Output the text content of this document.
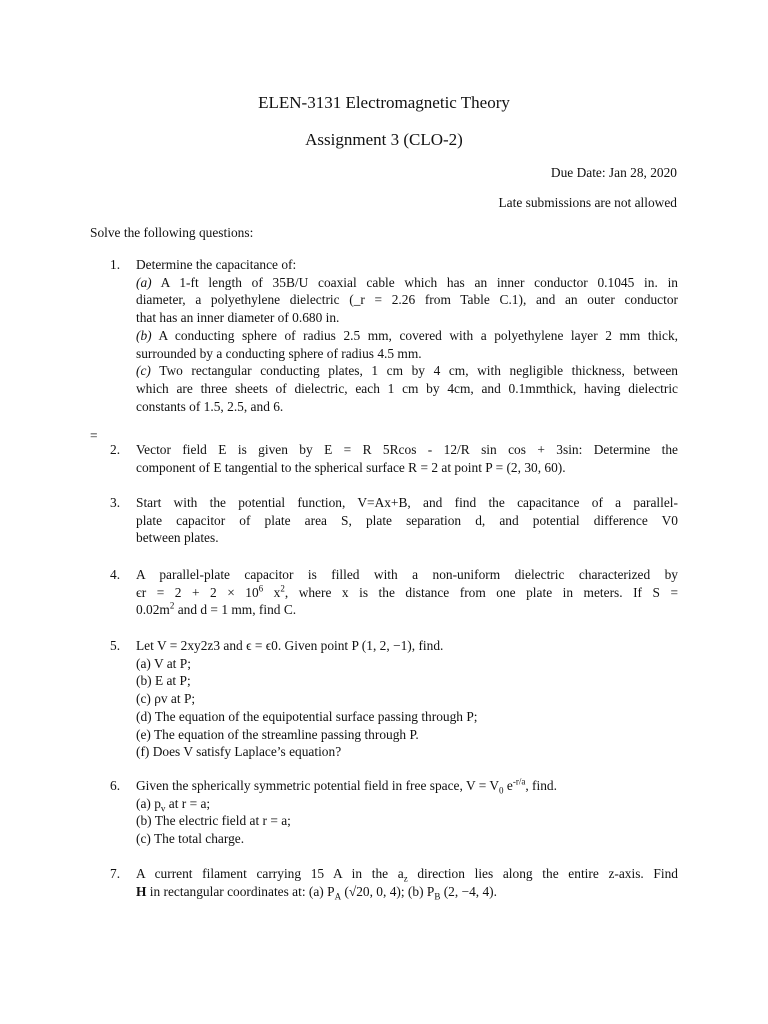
ELEN-3131 Electromagnetic Theory
Assignment 3 (CLO-2)
Due Date: Jan 28, 2020
Late submissions are not allowed
Solve the following questions:
1. Determine the capacitance of:
(a) A 1-ft length of 35B/U coaxial cable which has an inner conductor 0.1045 in. in
diameter, a polyethylene dielectric (_r = 2.26 from Table C.1), and an outer conductor
that has an inner diameter of 0.680 in.
(b) A conducting sphere of radius 2.5 mm, covered with a polyethylene layer 2 mm thick,
surrounded by a conducting sphere of radius 4.5 mm.
(c) Two rectangular conducting plates, 1 cm by 4 cm, with negligible thickness, between
which are three sheets of dielectric, each 1 cm by 4cm, and 0.1mmthick, having dielectric
constants of 1.5, 2.5, and 6.
=
2. Vector field E is given by E = R 5Rcos - 12/R sin cos + 3sin: Determine the
component of E tangential to the spherical surface R = 2 at point P = (2, 30, 60).
3. Start with the potential function, V=Ax+B, and find the capacitance of a parallel-
plate capacitor of plate area S, plate separation d, and potential difference V0
between plates.
4. A parallel-plate capacitor is filled with a non-uniform dielectric characterized by
єr = $2 + 2 \times 10^6$ $x^2$, where x is the distance from one plate in meters. If S =
$0.02m^2$ and d = 1 mm, find C.
5. Let V = 2xy2z3 and ϵ = ϵ0. Given point P (1, 2, −1), find.
(a) V at P;
(b) E at P;
(c) ρv at P;
(d) The equation of the equipotential surface passing through P;
(e) The equation of the streamline passing through P.
(f) Does V satisfy Laplace’s equation?
6. Given the spherically symmetric potential field in free space, $V = V_0$ $e^{-r/a}$, find.
(a) $p_v$ at r = a;
(b) The electric field at r = a;
(c) The total charge.
7. A current filament carrying 15 A in the $a_z$ direction lies along the entire z-axis. Find
H in rectangular coordinates at: (a) $P_A$ (√20, 0, 4); (b) $P_B$ (2, −4, 4).
